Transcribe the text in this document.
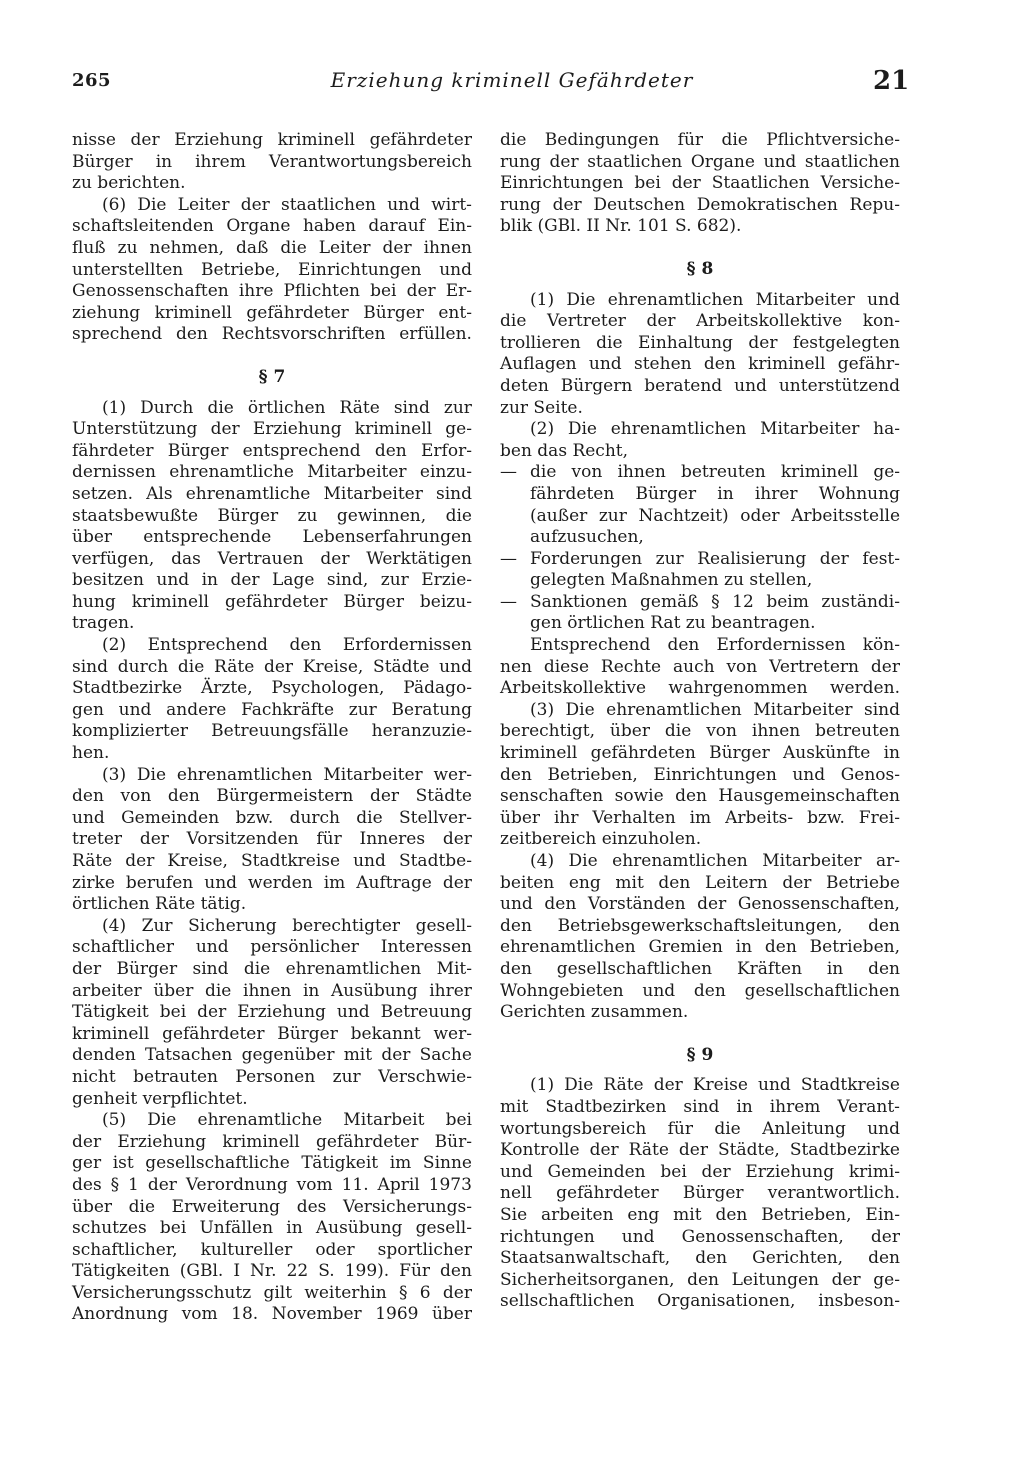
265	Erziehung kriminell Gefährdeter	21
nisse der Erziehung kriminell gefährdeter
Bürger in ihrem Verantwortungsbereich
zu berichten.
(6) Die Leiter der staatlichen und wirt-
schaftsleitenden Organe haben darauf Ein-
fluß zu nehmen, daß die Leiter der ihnen
unterstellten Betriebe, Einrichtungen und
Genossenschaften ihre Pflichten bei der Er-
ziehung kriminell gefährdeter Bürger ent-
sprechend den Rechtsvorschriften erfüllen.
§ 7
(1) Durch die örtlichen Räte sind zur
Unterstützung der Erziehung kriminell ge-
fährdeter Bürger entsprechend den Erfor-
dernissen ehrenamtliche Mitarbeiter einzu-
setzen. Als ehrenamtliche Mitarbeiter sind
staatsbewußte Bürger zu gewinnen, die
über entsprechende Lebenserfahrungen
verfügen, das Vertrauen der Werktätigen
besitzen und in der Lage sind, zur Erzie-
hung kriminell gefährdeter Bürger beizu-
tragen.
(2) Entsprechend den Erfordernissen
sind durch die Räte der Kreise, Städte und
Stadtbezirke Ärzte, Psychologen, Pädago-
gen und andere Fachkräfte zur Beratung
komplizierter Betreuungsfälle heranzuzie-
hen.
(3) Die ehrenamtlichen Mitarbeiter wer-
den von den Bürgermeistern der Städte
und Gemeinden bzw. durch die Stellver-
treter der Vorsitzenden für Inneres der
Räte der Kreise, Stadtkreise und Stadtbe-
zirke berufen und werden im Auftrage der
örtlichen Räte tätig.
(4) Zur Sicherung berechtigter gesell-
schaftlicher und persönlicher Interessen
der Bürger sind die ehrenamtlichen Mit-
arbeiter über die ihnen in Ausübung ihrer
Tätigkeit bei der Erziehung und Betreuung
kriminell gefährdeter Bürger bekannt wer-
denden Tatsachen gegenüber mit der Sache
nicht betrauten Personen zur Verschwie-
genheit verpflichtet.
(5) Die ehrenamtliche Mitarbeit bei
der Erziehung kriminell gefährdeter Bür-
ger ist gesellschaftliche Tätigkeit im Sinne
des § 1 der Verordnung vom 11. April 1973
über die Erweiterung des Versicherungs-
schutzes bei Unfällen in Ausübung gesell-
schaftlicher, kultureller oder sportlicher
Tätigkeiten (GBl. I Nr. 22 S. 199). Für den
Versicherungsschutz gilt weiterhin § 6 der
Anordnung vom 18. November 1969 über
die Bedingungen für die Pflichtversiche-
rung der staatlichen Organe und staatlichen
Einrichtungen bei der Staatlichen Versiche-
rung der Deutschen Demokratischen Repu-
blik (GBl. II Nr. 101 S. 682).
§ 8
(1) Die ehrenamtlichen Mitarbeiter und
die Vertreter der Arbeitskollektive kon-
trollieren die Einhaltung der festgelegten
Auflagen und stehen den kriminell gefähr-
deten Bürgern beratend und unterstützend
zur Seite.
(2) Die ehrenamtlichen Mitarbeiter ha-
ben das Recht,
— die von ihnen betreuten kriminell ge-
fährdeten Bürger in ihrer Wohnung
(außer zur Nachtzeit) oder Arbeitsstelle
aufzusuchen,
— Forderungen zur Realisierung der fest-
gelegten Maßnahmen zu stellen,
— Sanktionen gemäß § 12 beim zuständi-
gen örtlichen Rat zu beantragen.
Entsprechend den Erfordernissen kön-
nen diese Rechte auch von Vertretern der
Arbeitskollektive wahrgenommen werden.
(3) Die ehrenamtlichen Mitarbeiter sind
berechtigt, über die von ihnen betreuten
kriminell gefährdeten Bürger Auskünfte in
den Betrieben, Einrichtungen und Genos-
senschaften sowie den Hausgemeinschaften
über ihr Verhalten im Arbeits- bzw. Frei-
zeitbereich einzuholen.
(4) Die ehrenamtlichen Mitarbeiter ar-
beiten eng mit den Leitern der Betriebe
und den Vorständen der Genossenschaften,
den Betriebsgewerkschaftsleitungen, den
ehrenamtlichen Gremien in den Betrieben,
den gesellschaftlichen Kräften in den
Wohngebieten und den gesellschaftlichen
Gerichten zusammen.
§ 9
(1) Die Räte der Kreise und Stadtkreise
mit Stadtbezirken sind in ihrem Verant-
wortungsbereich für die Anleitung und
Kontrolle der Räte der Städte, Stadtbezirke
und Gemeinden bei der Erziehung krimi-
nell gefährdeter Bürger verantwortlich.
Sie arbeiten eng mit den Betrieben, Ein-
richtungen und Genossenschaften, der
Staatsanwaltschaft, den Gerichten, den
Sicherheitsorganen, den Leitungen der ge-
sellschaftlichen Organisationen, insbeson-
